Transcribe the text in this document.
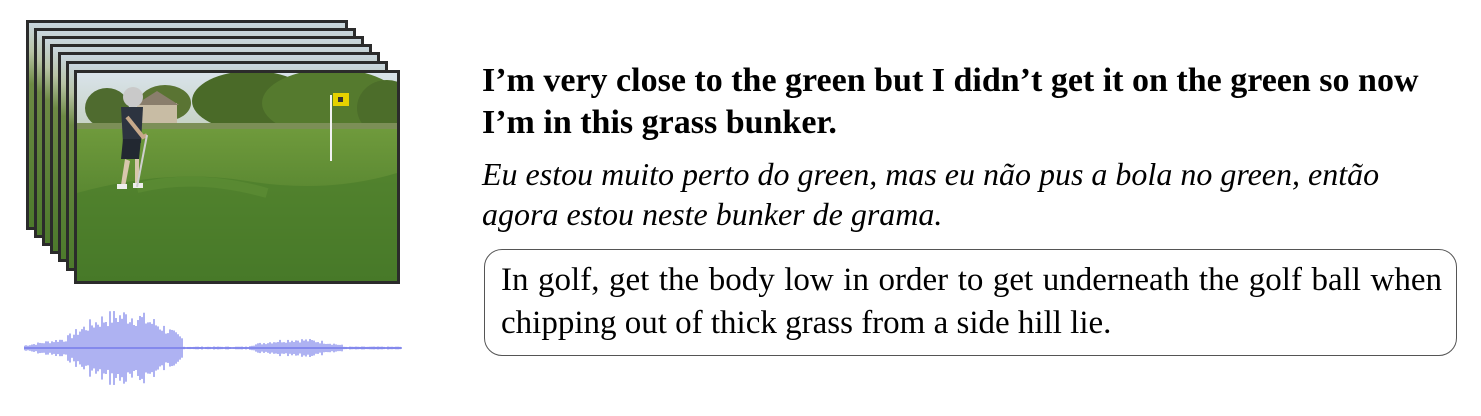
I’m very close to the green but I didn’t get it on the green so now I’m in this grass bunker.
Eu estou muito perto do green, mas eu não pus a bola no green, então agora estou neste bunker de grama.
In golf, get the body low in order to get underneath the golf ball when chipping out of thick grass from a side hill lie.
